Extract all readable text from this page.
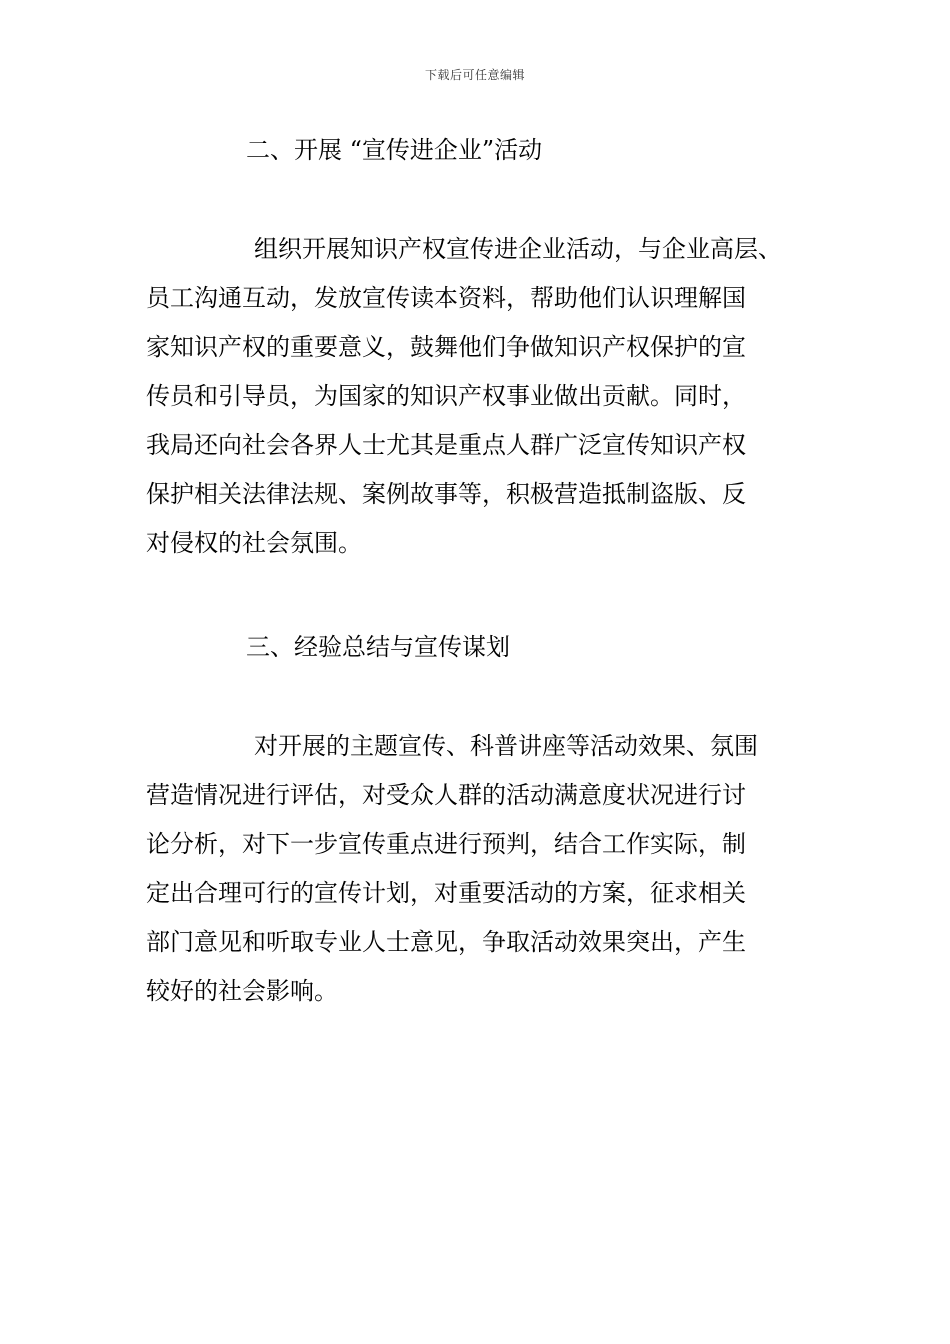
下载后可任意编辑
二、开展 “宣传进企业”活动
组织开展知识产权宣传进企业活动，与企业高层、
员工沟通互动，发放宣传读本资料，帮助他们认识理解国
家知识产权的重要意义，鼓舞他们争做知识产权保护的宣
传员和引导员，为国家的知识产权事业做出贡献。同时，
我局还向社会各界人士尤其是重点人群广泛宣传知识产权
保护相关法律法规、案例故事等，积极营造抵制盗版、反
对侵权的社会氛围。
三、经验总结与宣传谋划
对开展的主题宣传、科普讲座等活动效果、氛围
营造情况进行评估，对受众人群的活动满意度状况进行讨
论分析，对下一步宣传重点进行预判，结合工作实际，制
定出合理可行的宣传计划，对重要活动的方案，征求相关
部门意见和听取专业人士意见，争取活动效果突出，产生
较好的社会影响。
